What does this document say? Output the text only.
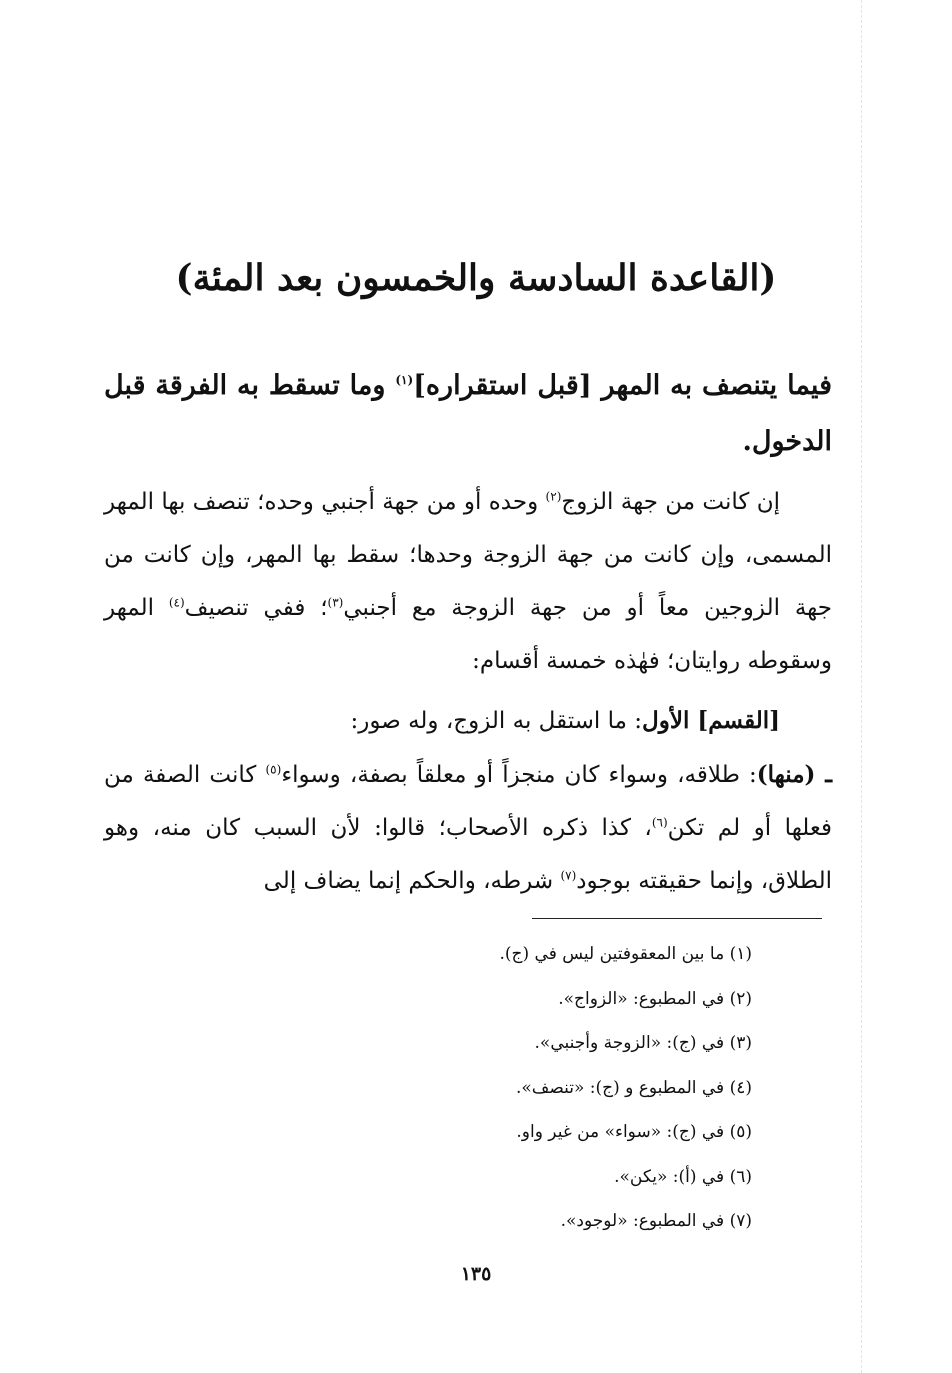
(القاعدة السادسة والخمسون بعد المئة)
فيما يتنصف به المهر [قبل استقراره]$^{(١)}$ وما تسقط به الفرقة قبل الدخول.

إن كانت من جهة الزوج$^{(٢)}$ وحده أو من جهة أجنبي وحده؛ تنصف بها المهر المسمى، وإن كانت من جهة الزوجة وحدها؛ سقط بها المهر، وإن كانت من جهة الزوجين معاً أو من جهة الزوجة مع أجنبي$^{(٣)}$؛ ففي تنصيف$^{(٤)}$ المهر وسقوطه روايتان؛ فهٰذه خمسة أقسام:

[القسم] الأول: ما استقل به الزوج، وله صور:

ـ (منها): طلاقه، وسواء كان منجزاً أو معلقاً بصفة، وسواء$^{(٥)}$ كانت الصفة من فعلها أو لم تكن$^{(٦)}$، كذا ذكره الأصحاب؛ قالوا: لأن السبب كان منه، وهو الطلاق، وإنما حقيقته بوجود$^{(٧)}$ شرطه، والحكم إنما يضاف إلى

(١) ما بين المعقوفتين ليس في (ج).
(٢) في المطبوع: «الزواج».
(٣) في (ج): «الزوجة وأجنبي».
(٤) في المطبوع و (ج): «تنصف».
(٥) في (ج): «سواء» من غير واو.
(٦) في (أ): «يكن».
(٧) في المطبوع: «لوجود».
١٣٥
